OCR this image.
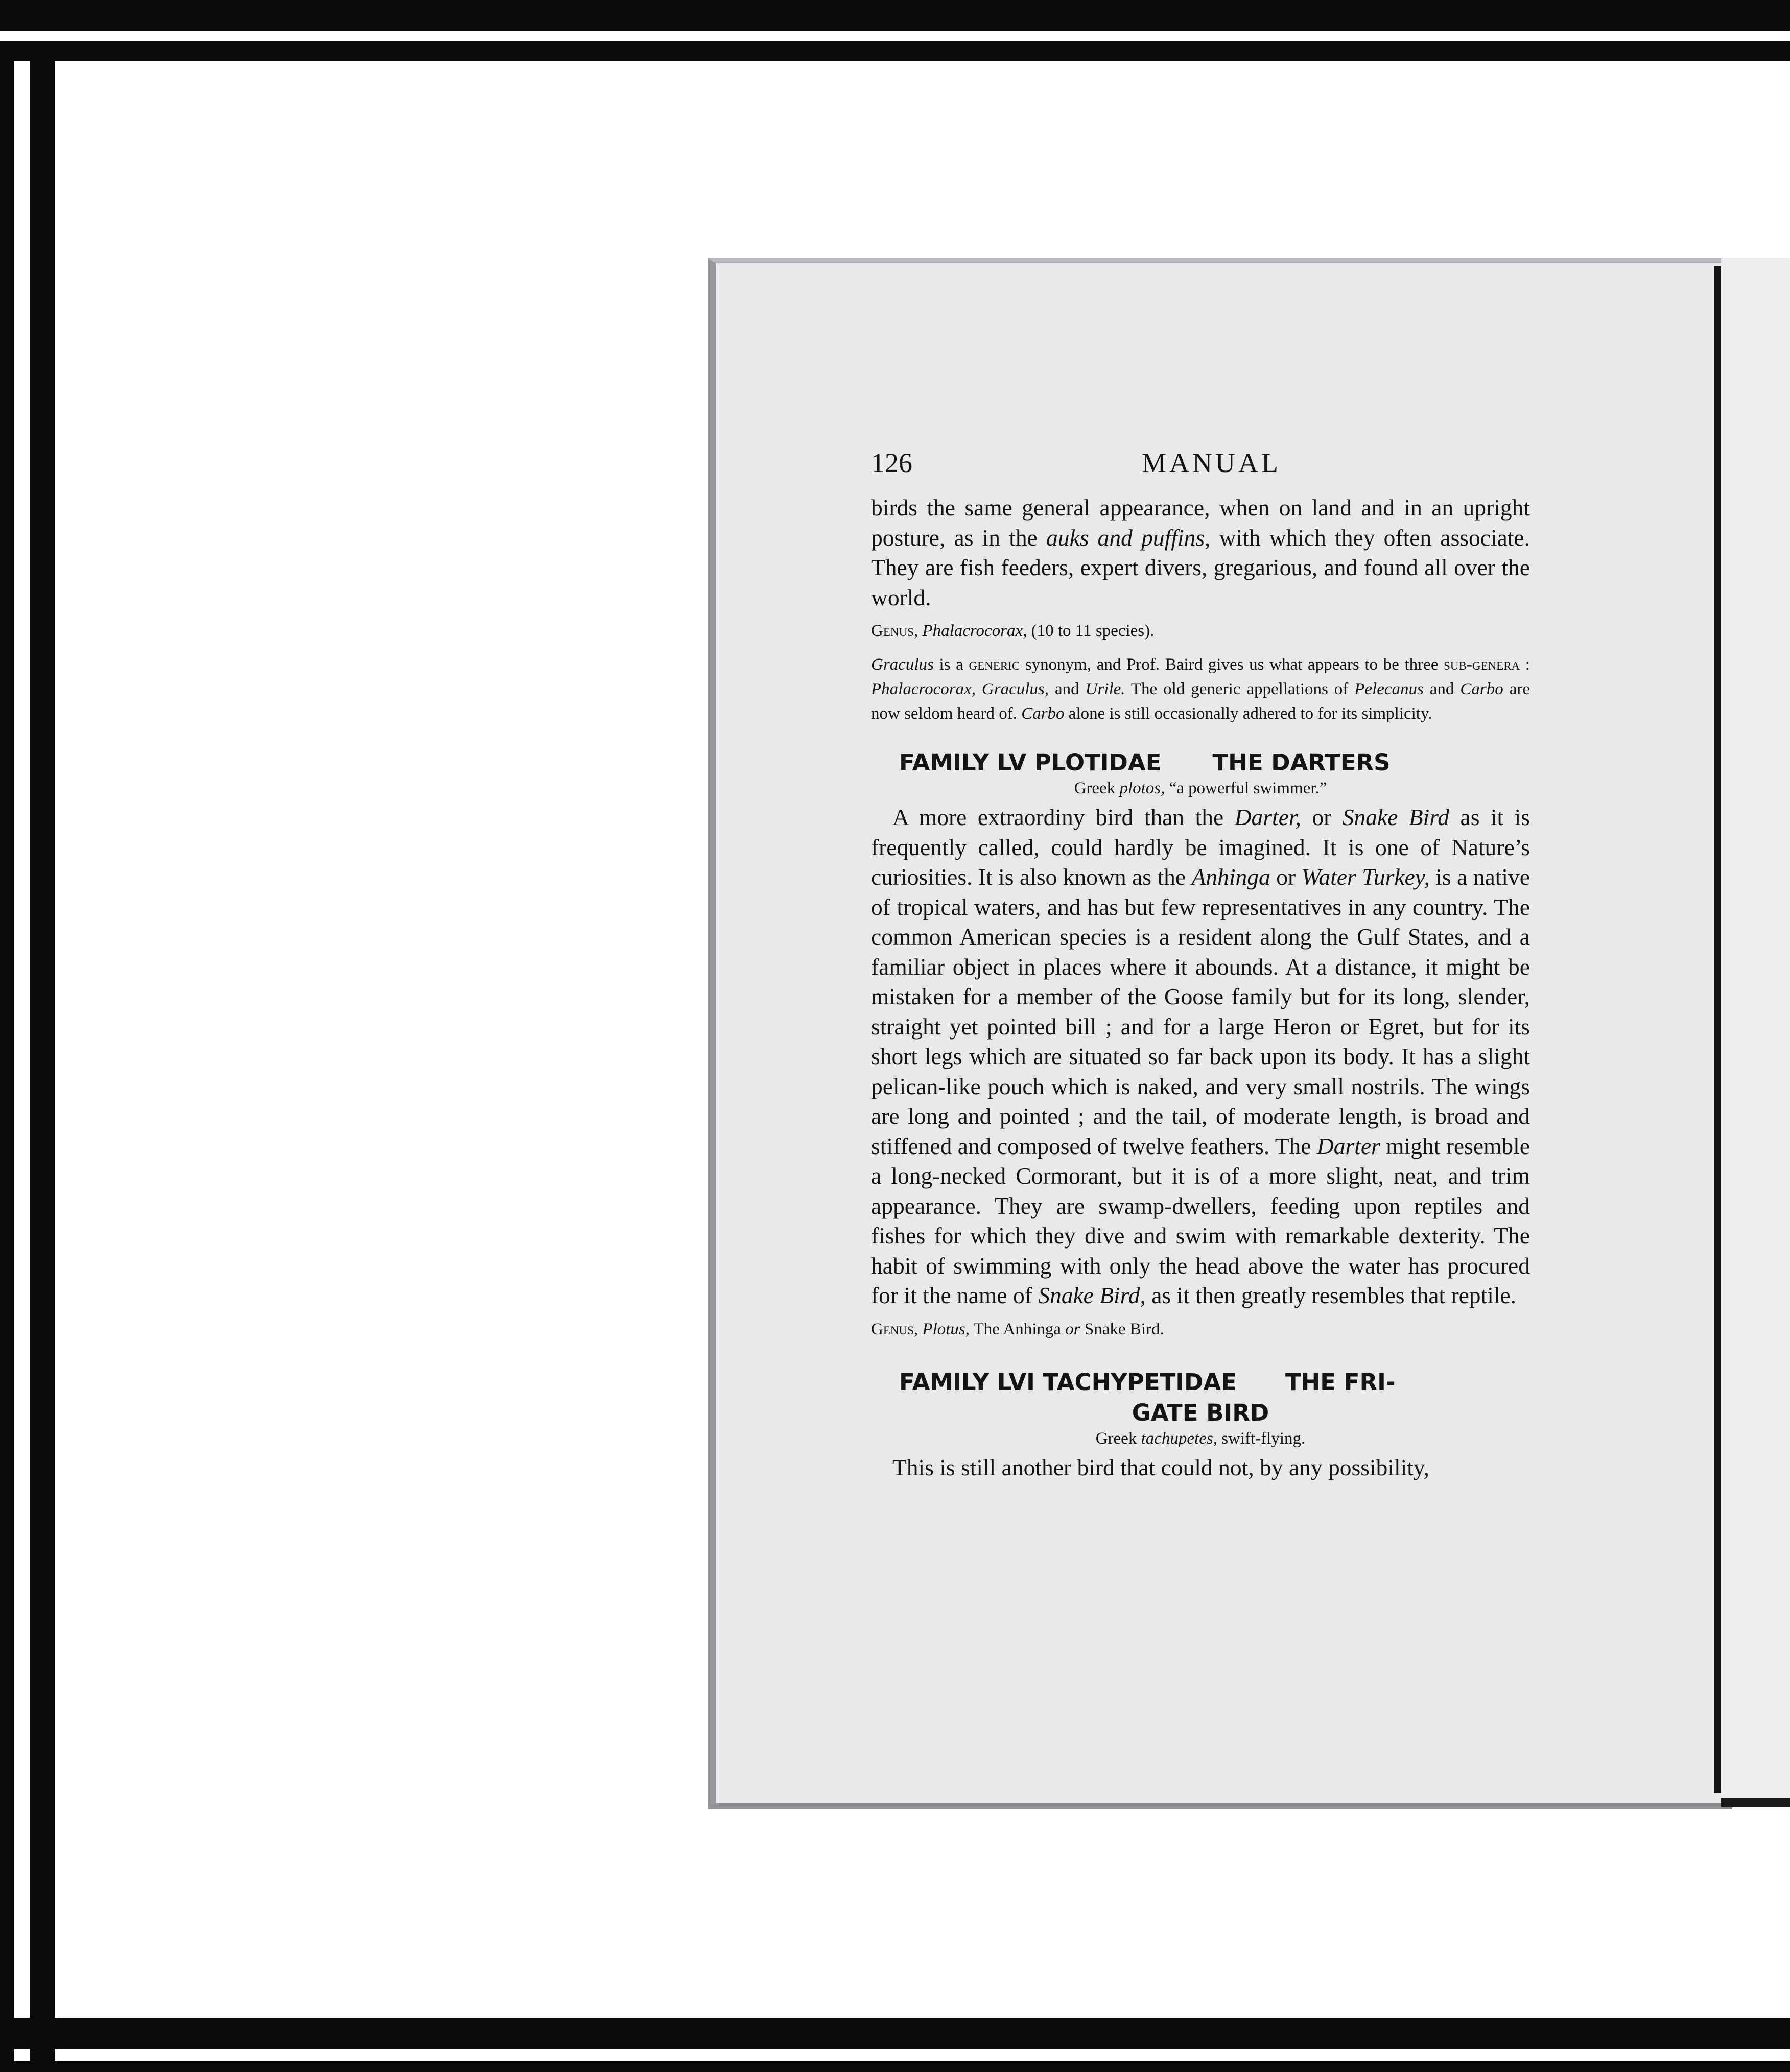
126	MANUAL

birds the same general appearance, when on land and in an upright posture, as in the auks and puffins, with which they often associate. They are fish feeders, expert divers, gregarious, and found all over the world.

Genus, Phalacrocorax, (10 to 11 species).

Graculus is a generic synonym, and Prof. Baird gives us what appears to be three sub-genera : Phalacrocorax, Graculus, and Urile. The old generic appellations of Pelecanus and Carbo are now seldom heard of. Carbo alone is still occasionally adhered to for its simplicity.

FAMILY LV PLOTIDAE THE DARTERS

Greek plotos, “a powerful swimmer.”

A more extraordiny bird than the Darter, or Snake Bird as it is frequently called, could hardly be imagined. It is one of Nature’s curiosities. It is also known as the Anhinga or Water Turkey, is a native of tropical waters, and has but few representatives in any country. The common American species is a resident along the Gulf States, and a familiar object in places where it abounds. At a distance, it might be mistaken for a member of the Goose family but for its long, slender, straight yet pointed bill ; and for a large Heron or Egret, but for its short legs which are situated so far back upon its body. It has a slight pelican-like pouch which is naked, and very small nostrils. The wings are long and pointed ; and the tail, of moderate length, is broad and stiffened and composed of twelve feathers. The Darter might resemble a long-necked Cormorant, but it is of a more slight, neat, and trim appearance. They are swamp-dwellers, feeding upon reptiles and fishes for which they dive and swim with remarkable dexterity. The habit of swimming with only the head above the water has procured for it the name of Snake Bird, as it then greatly resembles that reptile.

Genus, Plotus, The Anhinga or Snake Bird.

FAMILY LVI TACHYPETIDAE THE FRI-

GATE BIRD

Greek tachupetes, swift-flying.

This is still another bird that could not, by any possibility,
